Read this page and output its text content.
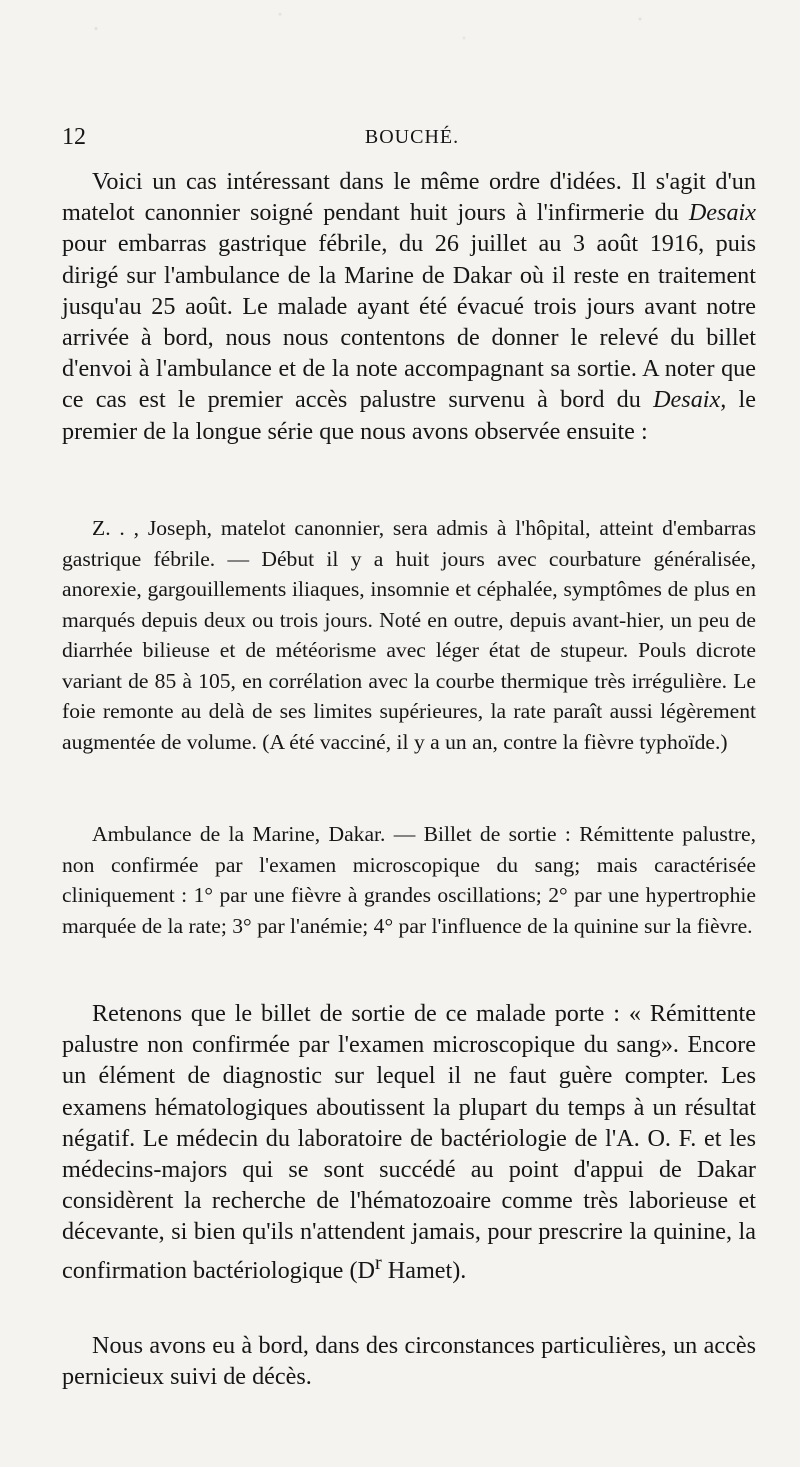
12	BOUCHÉ.

Voici un cas intéressant dans le même ordre d'idées. Il s'agit d'un matelot canonnier soigné pendant huit jours à l'infirmerie du Desaix pour embarras gastrique fébrile, du 26 juillet au 3 août 1916, puis dirigé sur l'ambulance de la Marine de Dakar où il reste en traitement jusqu'au 25 août. Le malade ayant été évacué trois jours avant notre arrivée à bord, nous nous contentons de donner le relevé du billet d'envoi à l'ambulance et de la note accompagnant sa sortie. A noter que ce cas est le premier accès palustre survenu à bord du Desaix, le premier de la longue série que nous avons observée ensuite :

Z. . , Joseph, matelot canonnier, sera admis à l'hôpital, atteint d'embarras gastrique fébrile. — Début il y a huit jours avec courbature généralisée, anorexie, gargouillements iliaques, insomnie et céphalée, symptômes de plus en marqués depuis deux ou trois jours. Noté en outre, depuis avant-hier, un peu de diarrhée bilieuse et de météorisme avec léger état de stupeur. Pouls dicrote variant de 85 à 105, en corrélation avec la courbe thermique très irrégulière. Le foie remonte au delà de ses limites supérieures, la rate paraît aussi légèrement augmentée de volume. (A été vacciné, il y a un an, contre la fièvre typhoïde.)

Ambulance de la Marine, Dakar. — Billet de sortie : Rémittente palustre, non confirmée par l'examen microscopique du sang; mais caractérisée cliniquement : 1° par une fièvre à grandes oscillations; 2° par une hypertrophie marquée de la rate; 3° par l'anémie; 4° par l'influence de la quinine sur la fièvre.

Retenons que le billet de sortie de ce malade porte : « Rémittente palustre non confirmée par l'examen microscopique du sang». Encore un élément de diagnostic sur lequel il ne faut guère compter. Les examens hématologiques aboutissent la plupart du temps à un résultat négatif. Le médecin du laboratoire de bactériologie de l'A. O. F. et les médecins-majors qui se sont succédé au point d'appui de Dakar considèrent la recherche de l'hématozoaire comme très laborieuse et décevante, si bien qu'ils n'attendent jamais, pour prescrire la quinine, la confirmation bactériologique ($D^r$ Hamet).

Nous avons eu à bord, dans des circonstances particulières, un accès pernicieux suivi de décès.
